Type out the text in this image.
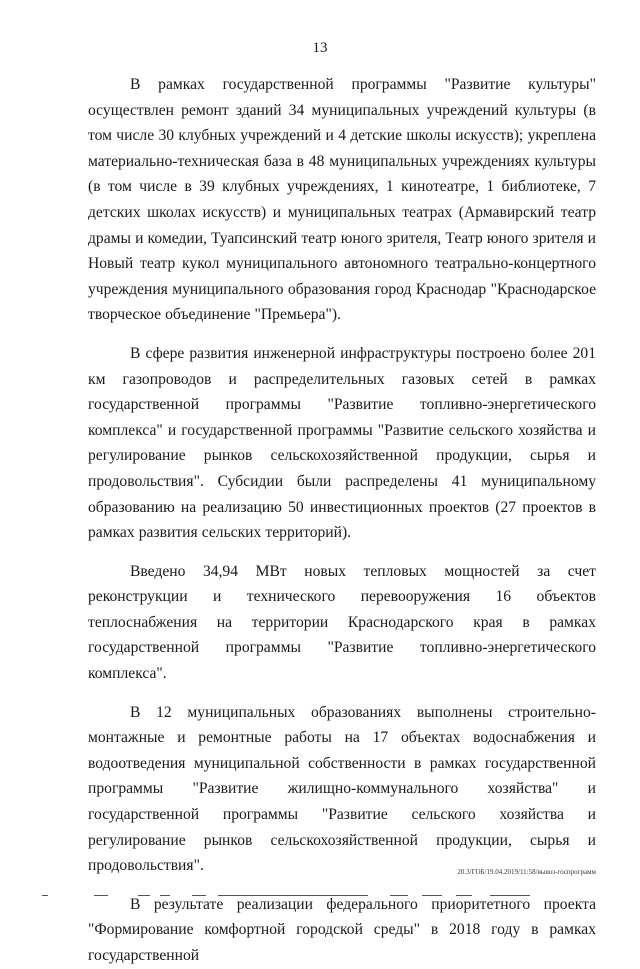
13

В рамках государственной программы "Развитие культуры" осуществлен ремонт зданий 34 муниципальных учреждений культуры (в том числе 30 клубных учреждений и 4 детские школы искусств); укреплена материально-техническая база в 48 муниципальных учреждениях культуры (в том числе в 39 клубных учреждениях, 1 кинотеатре, 1 библиотеке, 7 детских школах искусств) и муниципальных театрах (Армавирский театр драмы и комедии, Туапсинский театр юного зрителя, Театр юного зрителя и Новый театр кукол муниципального автономного театрально-концертного учреждения муниципального образования город Краснодар "Краснодарское творческое объединение "Премьера").

В сфере развития инженерной инфраструктуры построено более 201 км газопроводов и распределительных газовых сетей в рамках государственной программы "Развитие топливно-энергетического комплекса" и государственной программы "Развитие сельского хозяйства и регулирование рынков сельскохозяйственной продукции, сырья и продовольствия". Субсидии были распределены 41 муниципальному образованию на реализацию 50 инвестиционных проектов (27 проектов в рамках развития сельских территорий).

Введено 34,94 МВт новых тепловых мощностей за счет реконструкции и технического перевооружения 16 объектов теплоснабжения на территории Краснодарского края в рамках государственной программы "Развитие топливно-энергетического комплекса".

В 12 муниципальных образованиях выполнены строительно-монтажные и ремонтные работы на 17 объектах водоснабжения и водоотведения муниципальной собственности в рамках государственной программы "Развитие жилищно-коммунального хозяйства" и государственной программы "Развитие сельского хозяйства и регулирование рынков сельскохозяйственной продукции, сырья и продовольствия".

В результате реализации федерального приоритетного проекта "Формирование комфортной городской среды" в 2018 году в рамках государственной

20.3/ГОБ/19.04.2019/11:58/вывоз-госпрограмм
